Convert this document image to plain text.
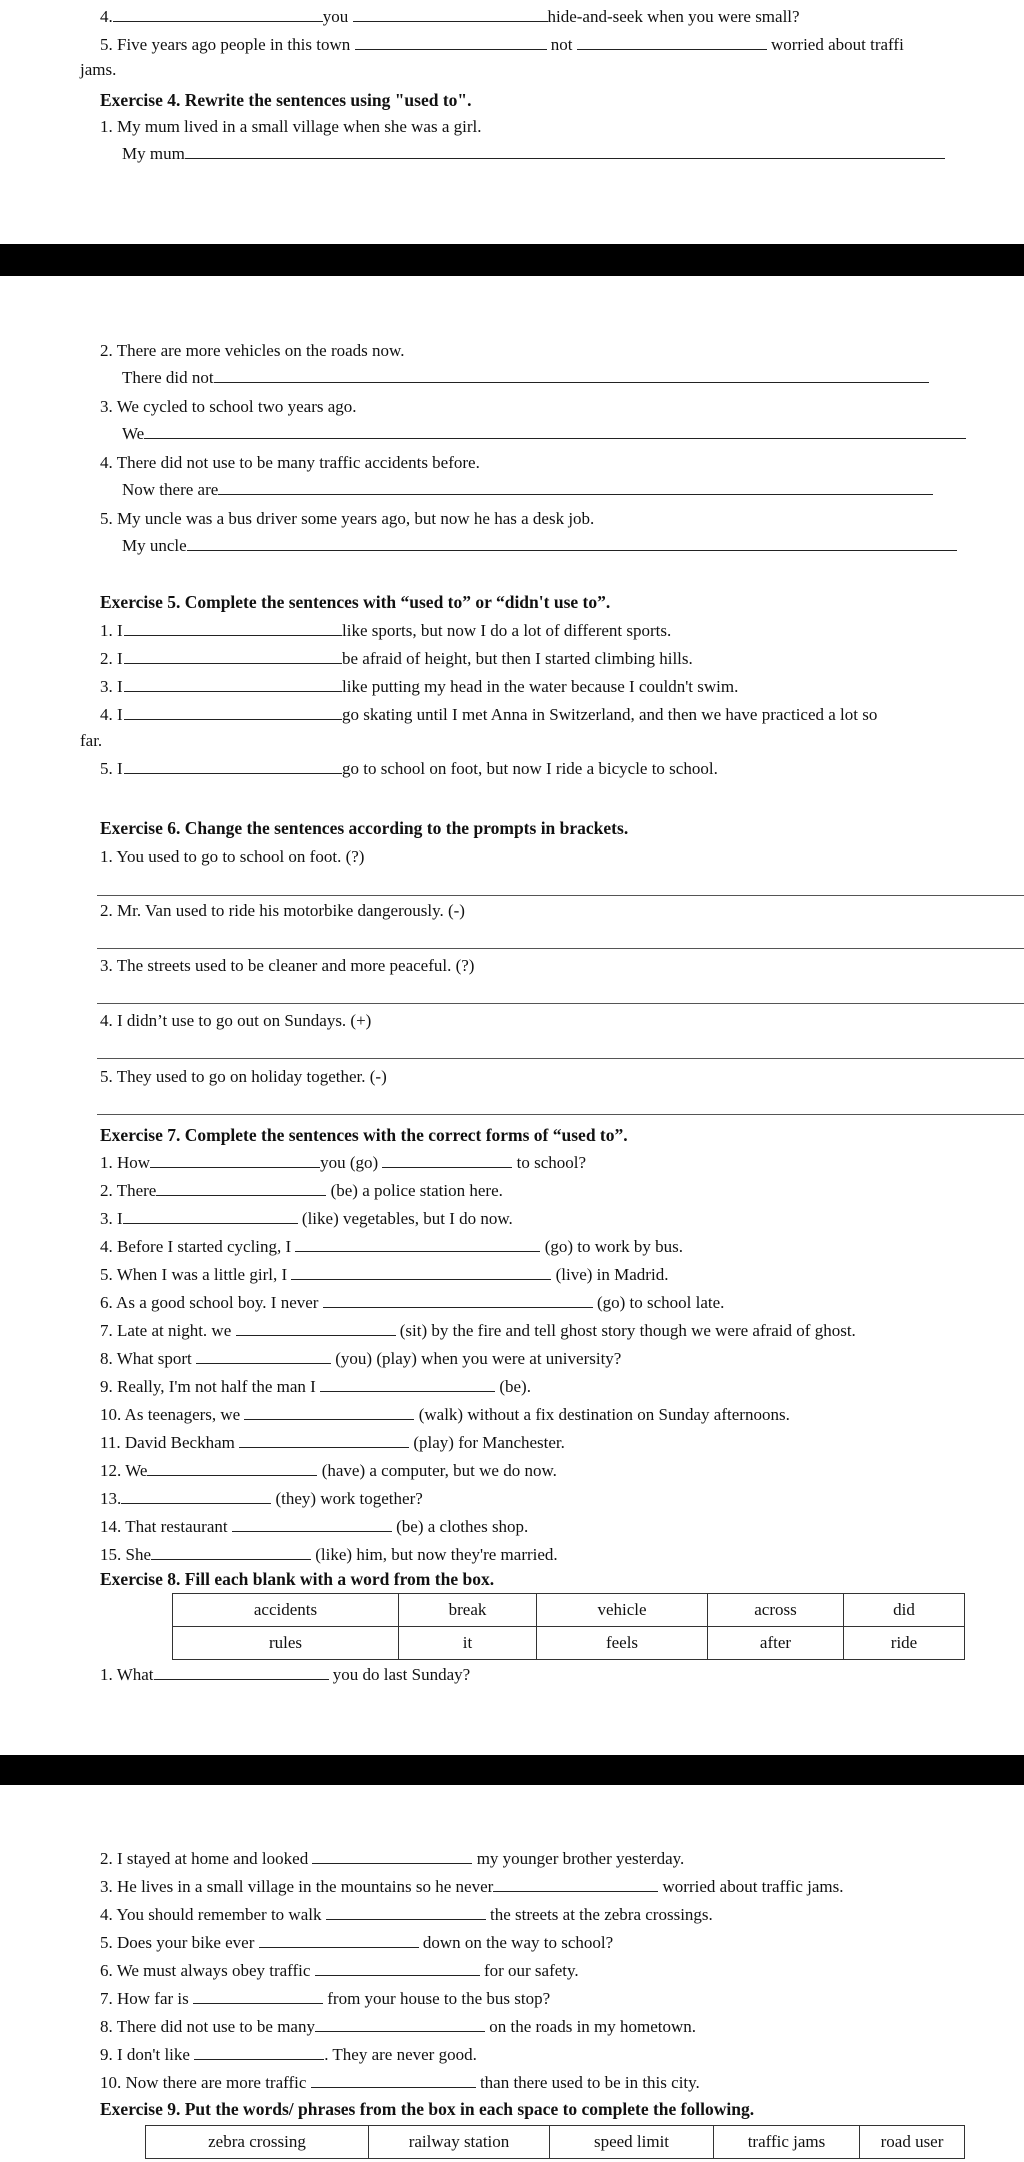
4.	you	hide-and-seek when you were small?
5. Five years ago people in this town	not	worried about traffi
jams.
Exercise 4. Rewrite the sentences using "used to".
1. My mum lived in a small village when she was a girl.
My mum
2. There are more vehicles on the roads now.
There did not
3. We cycled to school two years ago.
We
4. There did not use to be many traffic accidents before.
Now there are
5. My uncle was a bus driver some years ago, but now he has a desk job.
My uncle
Exercise 5. Complete the sentences with “used to” or “didn't use to”.
1. I	like sports, but now I do a lot of different sports.
2. I	be afraid of height, but then I started climbing hills.
3. I	like putting my head in the water because I couldn't swim.
4. I	go skating until I met Anna in Switzerland, and then we have practiced a lot so
far.
5. I	go to school on foot, but now I ride a bicycle to school.
Exercise 6. Change the sentences according to the prompts in brackets.
1. You used to go to school on foot. (?)
2. Mr. Van used to ride his motorbike dangerously. (-)
3. The streets used to be cleaner and more peaceful. (?)
4. I didn’t use to go out on Sundays. (+)
5. They used to go on holiday together. (-)
Exercise 7. Complete the sentences with the correct forms of “used to”.
1. How	you (go)	to school?
2. There	(be) a police station here.
3. I	(like) vegetables, but I do now.
4. Before I started cycling, I	(go) to work by bus.
5. When I was a little girl, I	(live) in Madrid.
6. As a good school boy. I never	(go) to school late.
7. Late at night. we	(sit) by the fire and tell ghost story though we were afraid of ghost.
8. What sport	(you) (play) when you were at university?
9. Really, I'm not half the man I	(be).
10. As teenagers, we	(walk) without a fix destination on Sunday afternoons.
11. David Beckham	(play) for Manchester.
12. We	(have) a computer, but we do now.
13.	(they) work together?
14. That restaurant	(be) a clothes shop.
15. She	(like) him, but now they're married.
Exercise 8. Fill each blank with a word from the box.
accidents	break	vehicle	across	did
rules	it	feels	after	ride
1. What	you do last Sunday?
2. I stayed at home and looked	my younger brother yesterday.
3. He lives in a small village in the mountains so he never	worried about traffic jams.
4. You should remember to walk	the streets at the zebra crossings.
5. Does your bike ever	down on the way to school?
6. We must always obey traffic	for our safety.
7. How far is	from your house to the bus stop?
8. There did not use to be many	on the roads in my hometown.
9. I don't like	. They are never good.
10. Now there are more traffic	than there used to be in this city.
Exercise 9. Put the words/ phrases from the box in each space to complete the following.
zebra crossing	railway station	speed limit	traffic jams	road user
